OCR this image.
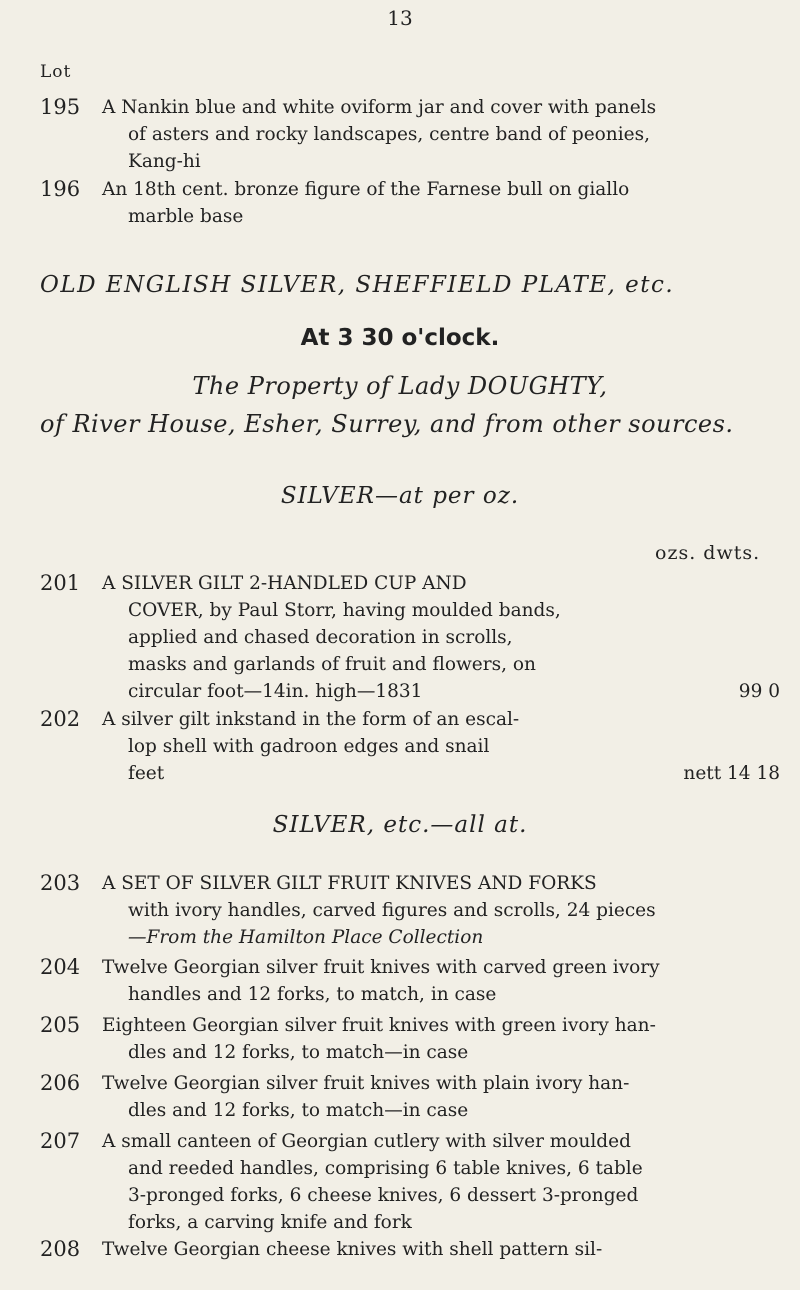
13
Lot
195	A Nankin blue and white oviform jar and cover with panels
of asters and rocky landscapes, centre band of peonies,
Kang-hi
196	An 18th cent. bronze figure of the Farnese bull on giallo
marble base
OLD ENGLISH SILVER, SHEFFIELD PLATE, etc.
At 3 30 o'clock.
The Property of Lady DOUGHTY,
of River House, Esher, Surrey, and from other sources.
SILVER—at per oz.
ozs. dwts.
201	A SILVER GILT 2-HANDLED CUP AND
COVER, by Paul Storr, having moulded bands,
applied and chased decoration in scrolls,
masks and garlands of fruit and flowers, on
circular foot—14in. high—1831	99 0
202	A silver gilt inkstand in the form of an escal-
lop shell with gadroon edges and snail
feet	nett 14 18
SILVER, etc.—all at.
203	A SET OF SILVER GILT FRUIT KNIVES AND FORKS
with ivory handles, carved figures and scrolls, 24 pieces
—From the Hamilton Place Collection
204	Twelve Georgian silver fruit knives with carved green ivory
handles and 12 forks, to match, in case
205	Eighteen Georgian silver fruit knives with green ivory han-
dles and 12 forks, to match—in case
206	Twelve Georgian silver fruit knives with plain ivory han-
dles and 12 forks, to match—in case
207	A small canteen of Georgian cutlery with silver moulded
and reeded handles, comprising 6 table knives, 6 table
3-pronged forks, 6 cheese knives, 6 dessert 3-pronged
forks, a carving knife and fork
208	Twelve Georgian cheese knives with shell pattern sil-
